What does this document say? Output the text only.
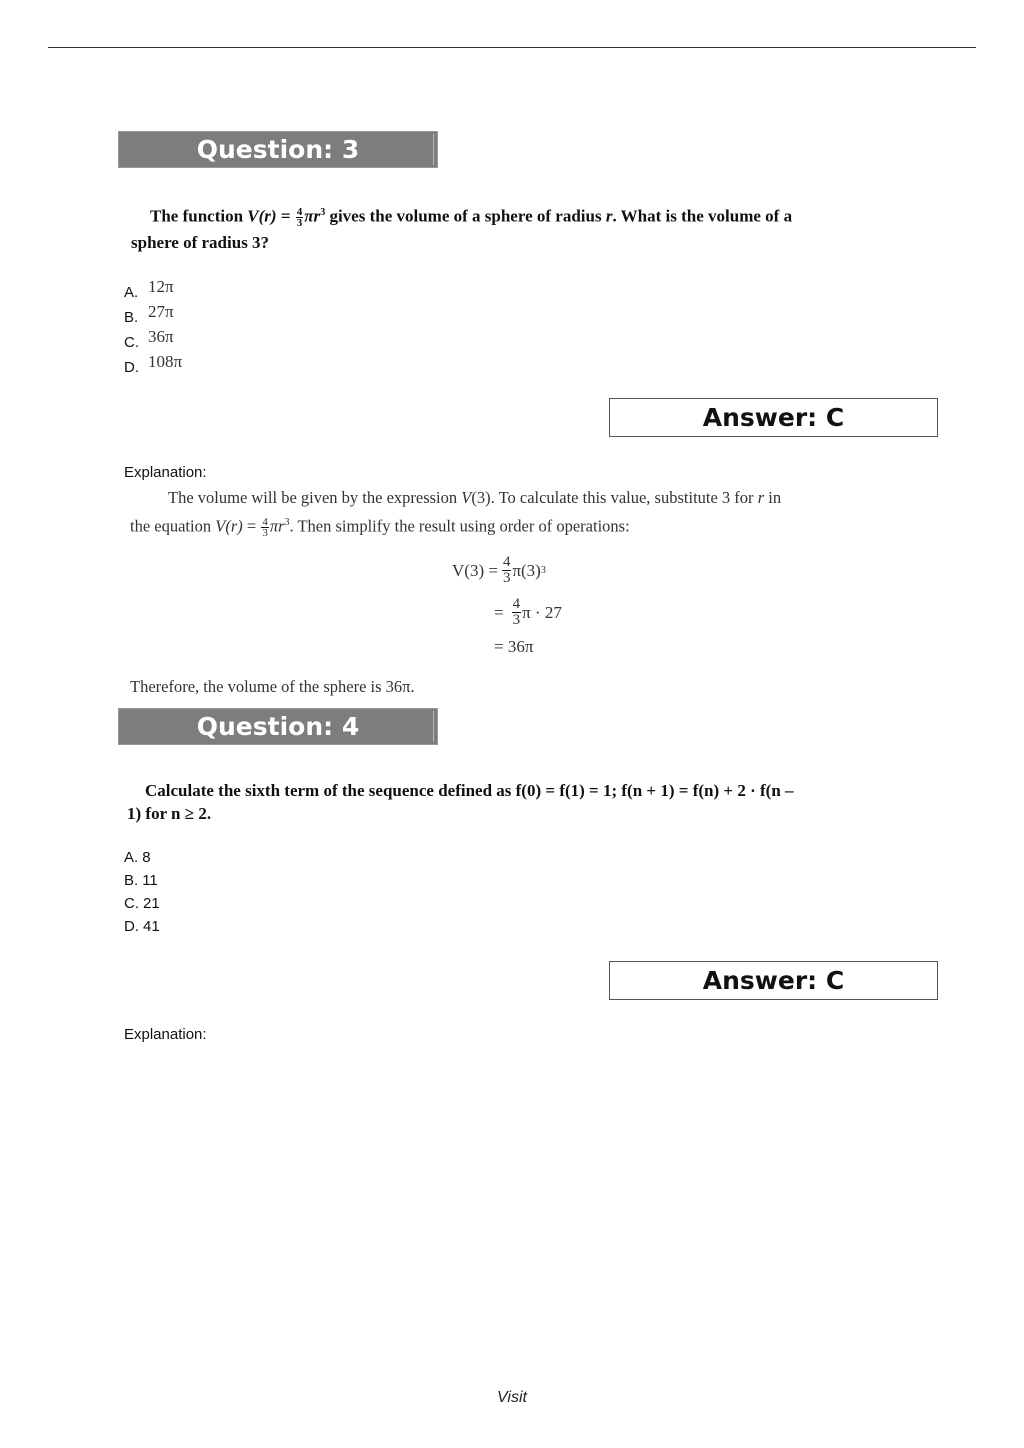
Question: 3
The function $V(r) = \frac{4}{3} \pi r^3$ gives the volume of a sphere of radius r. What is the volume of a
sphere of radius 3?
A. 12π
B. 27π
C. 36π
D. 108π
Answer: C
Explanation:
The volume will be given by the expression V(3). To calculate this value, substitute 3 for r in
the equation $V(r) = \frac{4}{3} \pi r^3$. Then simplify the result using order of operations:
$V(3) = \frac{4}{3} \pi(3)$ 3
= $\frac{4}{3}$ π · 27
= 36π
Therefore, the volume of the sphere is 36π.
Question: 4
Calculate the sixth term of the sequence defined as f(0) = f(1) = 1; f(n + 1) = f(n) + 2 · f(n –
1) for n ≥ 2.
A. 8
B. 11
C. 21
D. 41
Answer: C
Explanation:
Visit
